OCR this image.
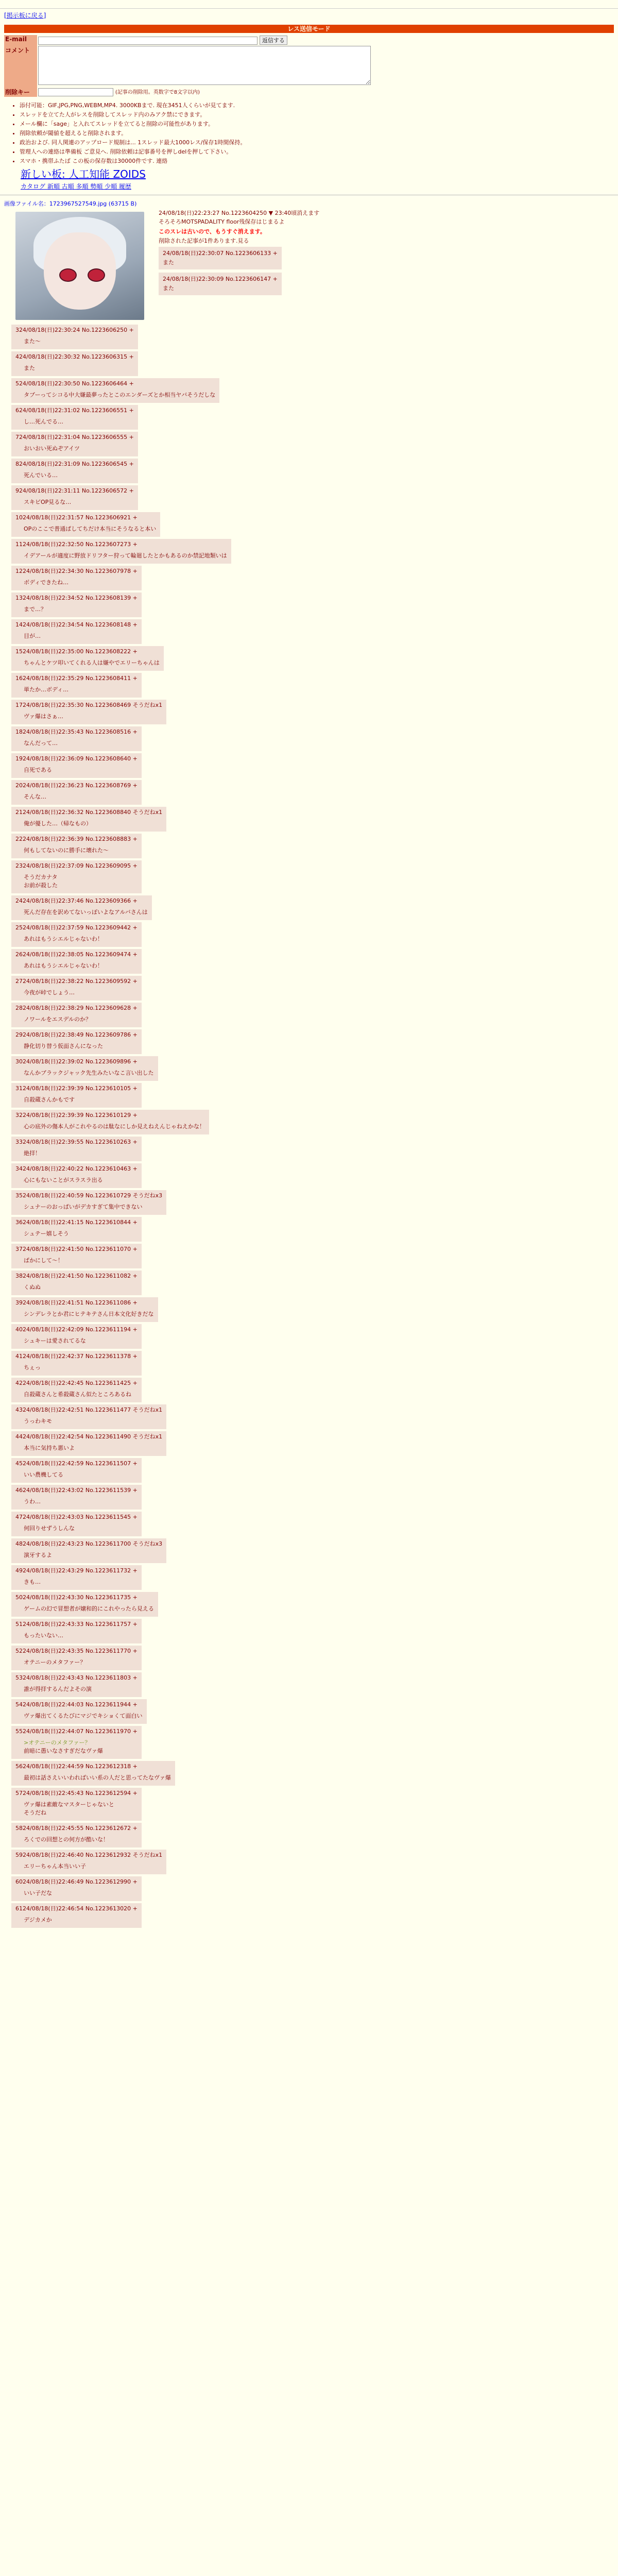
[掲示板に戻る]
レス送信モード
E-mail	返信する
コメント	
削除キー	(記事の削除用。英数字で8文字以内)
• 添付可能：GIF,JPG,PNG,WEBM,MP4. 3000KBまで. 現在3451人くらいが見てます.
• スレッドを立てた人がレスを削除してスレッド内のみアク禁にできます。
• メール欄に「sage」と入れてスレッドを立てると削除の可能性があります。
• 削除依頼が閾値を超えると削除されます。
• 政治および. 同人関連のアップロード規制は... 1スレッド最大1000レス/保存1時間保持。
• 管理人への連絡は準備板 ご意見へ. 削除依頼は記事番号を押しdelを押して下さい。
• スマホ・携帯ふたば この板の保存数は30000件です. 連絡
新しい板: 人工知能 ZOIDS
カタログ 新順 古順 多順 勢順 少順 履歴
画像ファイル名：1723967527549.jpg (63715 B)
24/08/18(日)22:23:27 No.1223604250 ▼ 23:40頃消えます
そろそろMOTSPADALITY floor残保存はじまるよ
このスレは古いので、もうすぐ消えます。
削除された記事が1件あります.見る
24/08/18(日)22:30:07 No.1223606133 +
また
24/08/18(日)22:30:09 No.1223606147 +
また
324/08/18(日)22:30:24 No.1223606250 +
また～
424/08/18(日)22:30:32 No.1223606315 +
また
524/08/18(日)22:30:50 No.1223606464 +
タブーってシコる中大嫌最夢ったとこのエンダーズとか相当ヤバそうだしな
624/08/18(日)22:31:02 No.1223606551 +
し…死んでる…
724/08/18(日)22:31:04 No.1223606555 +
おいおい死ぬぞアイツ
824/08/18(日)22:31:09 No.1223606545 +
死んでいる…
924/08/18(日)22:31:11 No.1223606572 +
スキビOP見るな…
1024/08/18(日)22:31:57 No.1223606921 +
OPのここで普通ぱしてちだけ本当にそうなると本い
1124/08/18(日)22:32:50 No.1223607273 +
イデアールが適度に野放ドリフター狩って輪廻したとかもあるのか禁記地類いは
1224/08/18(日)22:34:30 No.1223607978 +
ボディできたね…
1324/08/18(日)22:34:52 No.1223608139 +
まで…？
1424/08/18(日)22:34:54 No.1223608148 +
目が…
1524/08/18(日)22:35:00 No.1223608222 +
ちゃんとケツ叩いてくれる人は嫌やでエリーちゃんは
1624/08/18(日)22:35:29 No.1223608411 +
単たか…ボディ…
1724/08/18(日)22:35:30 No.1223608469 そうだねx1
ヴァ爆はさぁ…
1824/08/18(日)22:35:43 No.1223608516 +
なんだって…
1924/08/18(日)22:36:09 No.1223608640 +
自死である
2024/08/18(日)22:36:23 No.1223608769 +
そんな…
2124/08/18(日)22:36:32 No.1223608840 そうだねx1
俺が優した…（帰なもの）
2224/08/18(日)22:36:39 No.1223608883 +
何もしてないのに勝手に壊れた～
2324/08/18(日)22:37:09 No.1223609095 +
そうだカナタ
お前が殺した
2424/08/18(日)22:37:46 No.1223609366 +
死んだ存在を訳めてないっぽいよなアルバさんは
2524/08/18(日)22:37:59 No.1223609442 +
あれはもうシエルじゃないわ！
2624/08/18(日)22:38:05 No.1223609474 +
あれはもうシエルじゃないわ！
2724/08/18(日)22:38:22 No.1223609592 +
今夜が峠でしょう…
2824/08/18(日)22:38:29 No.1223609628 +
ノワールをエスデルのか？
2924/08/18(日)22:38:49 No.1223609786 +
静化切り替う仮面さんになった
3024/08/18(日)22:39:02 No.1223609896 +
なんかブラックジャック先生みたいなこ言い出した
3124/08/18(日)22:39:39 No.1223610105 +
自殺蔵さんかもです
3224/08/18(日)22:39:39 No.1223610129 +
心の底外の傷本人がこれやるのは駄なにしか見えねえんじゃねえかな！
3324/08/18(日)22:39:55 No.1223610263 +
絶拝！
3424/08/18(日)22:40:22 No.1223610463 +
心にもないことがスラスラ出る
3524/08/18(日)22:40:59 No.1223610729 そうだねx3
シュナーのおっぱいがデカすぎて集中できない
3624/08/18(日)22:41:15 No.1223610844 +
シュテー嬉しそう
3724/08/18(日)22:41:50 No.1223611070 +
ばかにして～！
3824/08/18(日)22:41:50 No.1223611082 +
くぬぬ
3924/08/18(日)22:41:51 No.1223611086 +
シンデレラとか君にヒテキテさん日本文化好きだな
4024/08/18(日)22:42:09 No.1223611194 +
シュキーは愛されてるな
4124/08/18(日)22:42:37 No.1223611378 +
ちぇっ
4224/08/18(日)22:42:45 No.1223611425 +
自殺蔵さんと希殺蔵さん似たところあるね
4324/08/18(日)22:42:51 No.1223611477 そうだねx1
うっわキモ
4424/08/18(日)22:42:54 No.1223611490 そうだねx1
本当に気持ち悪いよ
4524/08/18(日)22:42:59 No.1223611507 +
いい農機してる
4624/08/18(日)22:43:02 No.1223611539 +
うわ…
4724/08/18(日)22:43:03 No.1223611545 +
何回りせずうしんな
4824/08/18(日)22:43:23 No.1223611700 そうだねx3
演牙するよ
4924/08/18(日)22:43:29 No.1223611732 +
きも…
5024/08/18(日)22:43:30 No.1223611735 +
ゲームの幻で冒想者が嬢和的にこれやったら見える
5124/08/18(日)22:43:33 No.1223611757 +
もったいない…
5224/08/18(日)22:43:35 No.1223611770 +
オテニーのメタファー？
5324/08/18(日)22:43:43 No.1223611803 +
誰が得拝するんだよその演
5424/08/18(日)22:44:03 No.1223611944 +
ヴァ爆出てくるたびにマジでキショくて面白い
5524/08/18(日)22:44:07 No.1223611970 +
>オテニーのメタファー？
前暗に愚いなさすぎだなヴァ爆
5624/08/18(日)22:44:59 No.1223612318 +
最初は話さえいいわればいい系の人だと思ってたなヴァ爆
5724/08/18(日)22:45:43 No.1223612594 +
ヴァ爆は素敵なマスターじゃないと
そうだね
5824/08/18(日)22:45:55 No.1223612672 +
ろくでの回想との何方が酷いな！
5924/08/18(日)22:46:40 No.1223612932 そうだねx1
エリーちゃん本当いい子
6024/08/18(日)22:46:49 No.1223612990 +
いい子だな
6124/08/18(日)22:46:54 No.1223613020 +
デジカメか
